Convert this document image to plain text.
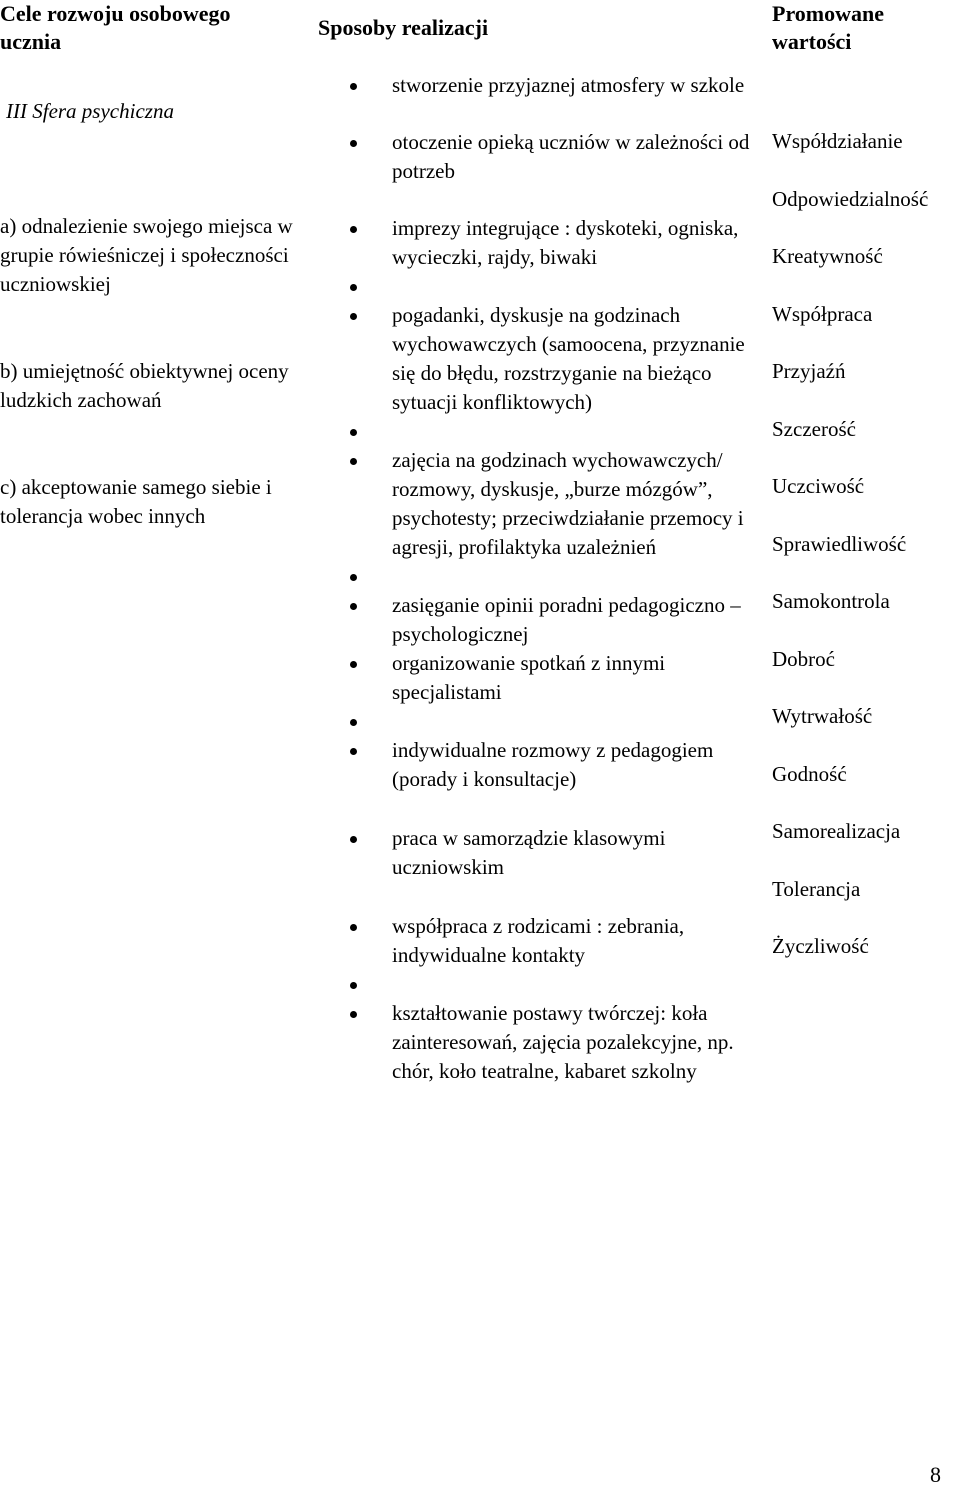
Cele rozwoju osobowego ucznia
Sposoby realizacji
Promowane wartości
III Sfera psychiczna
a) odnalezienie swojego miejsca w grupie rówieśniczej i społeczności uczniowskiej
b) umiejętność obiektywnej oceny ludzkich zachowań
c) akceptowanie samego siebie i tolerancja wobec innych
stworzenie przyjaznej atmosfery w szkole
otoczenie opieką uczniów w zależności od potrzeb
imprezy integrujące : dyskoteki, ogniska, wycieczki, rajdy, biwaki
pogadanki, dyskusje na godzinach wychowawczych (samoocena, przyznanie się do błędu, rozstrzyganie na bieżąco sytuacji konfliktowych)
zajęcia na godzinach wychowawczych/ rozmowy, dyskusje, „burze mózgów”, psychotesty; przeciwdziałanie przemocy i agresji, profilaktyka uzależnień
zasięganie opinii poradni pedagogiczno – psychologicznej
organizowanie spotkań z innymi specjalistami
indywidualne rozmowy z pedagogiem (porady i konsultacje)
praca w samorządzie klasowymi uczniowskim
współpraca z rodzicami : zebrania, indywidualne kontakty
kształtowanie postawy twórczej: koła zainteresowań, zajęcia pozalekcyjne, np. chór, koło teatralne, kabaret szkolny
Współdziałanie
Odpowiedzialność
Kreatywność
Współpraca
Przyjaźń
Szczerość
Uczciwość
Sprawiedliwość
Samokontrola
Dobroć
Wytrwałość
Godność
Samorealizacja
Tolerancja
Życzliwość
8
